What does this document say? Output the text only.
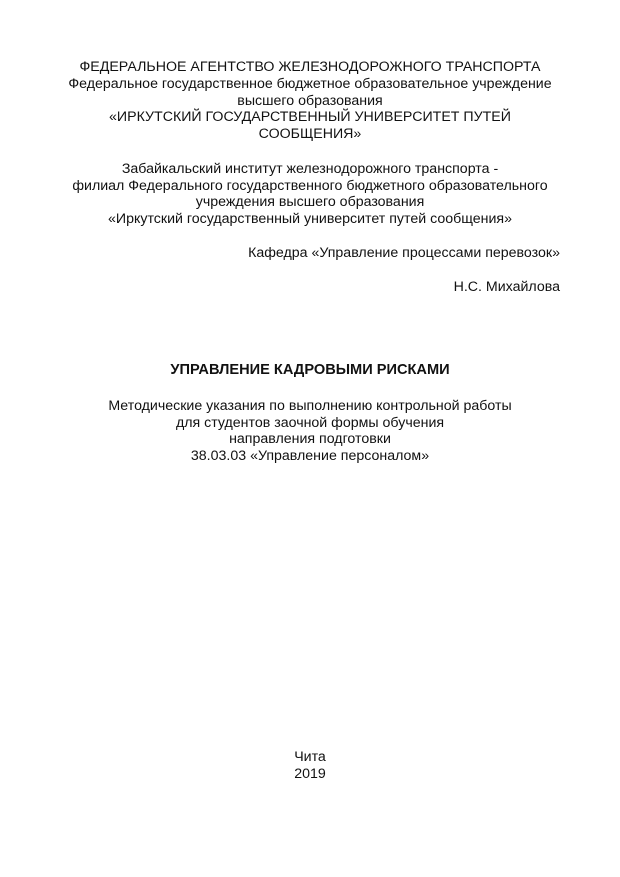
ФЕДЕРАЛЬНОЕ АГЕНТСТВО ЖЕЛЕЗНОДОРОЖНОГО ТРАНСПОРТА
Федеральное государственное бюджетное образовательное учреждение
высшего образования
«ИРКУТСКИЙ ГОСУДАРСТВЕННЫЙ УНИВЕРСИТЕТ ПУТЕЙ
СООБЩЕНИЯ»
Забайкальский институт железнодорожного транспорта -
филиал Федерального государственного бюджетного образовательного
учреждения высшего образования
«Иркутский государственный университет путей сообщения»
Кафедра «Управление процессами перевозок»
Н.С. Михайлова
УПРАВЛЕНИЕ КАДРОВЫМИ РИСКАМИ
Методические указания по выполнению контрольной работы
для студентов заочной формы обучения
направления подготовки
38.03.03 «Управление персоналом»
Чита
2019
